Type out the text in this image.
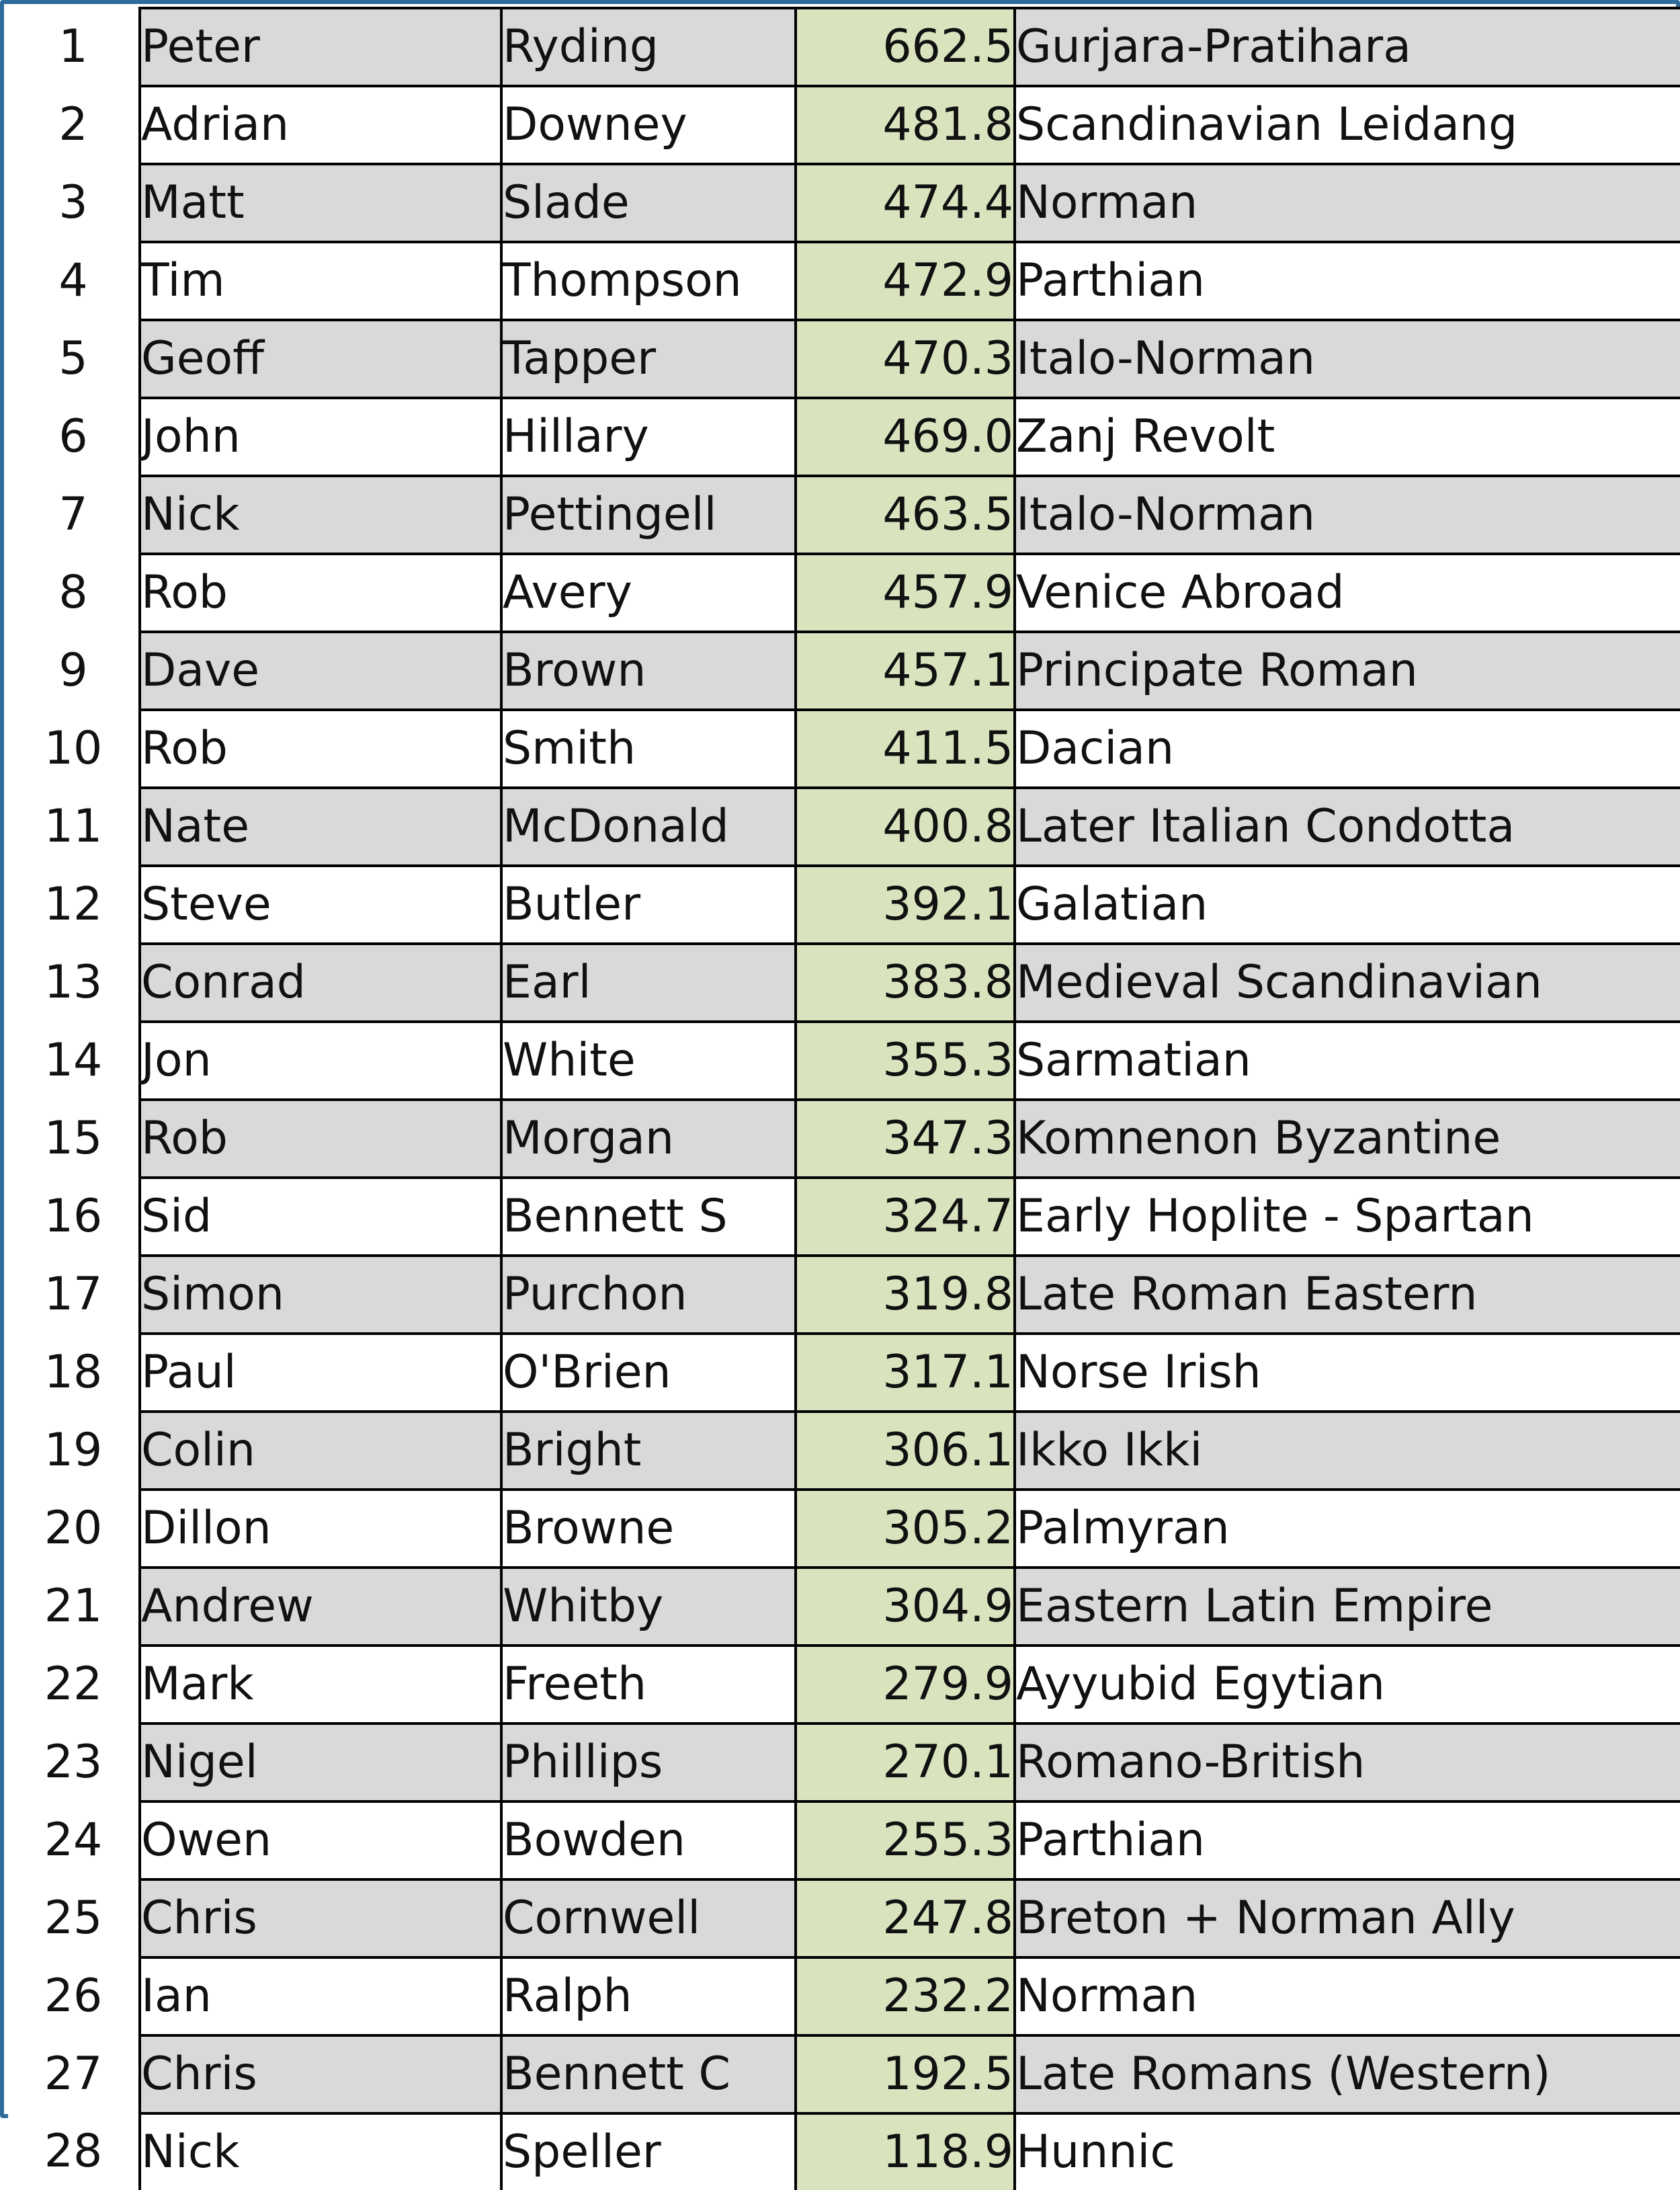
1	Peter	Ryding	662.5	Gurjara-Pratihara
2	Adrian	Downey	481.8	Scandinavian Leidang
3	Matt	Slade	474.4	Norman
4	Tim	Thompson	472.9	Parthian
5	Geoff	Tapper	470.3	Italo-Norman
6	John	Hillary	469.0	Zanj Revolt
7	Nick	Pettingell	463.5	Italo-Norman
8	Rob	Avery	457.9	Venice Abroad
9	Dave	Brown	457.1	Principate Roman
10	Rob	Smith	411.5	Dacian
11	Nate	McDonald	400.8	Later Italian Condotta
12	Steve	Butler	392.1	Galatian
13	Conrad	Earl	383.8	Medieval Scandinavian
14	Jon	White	355.3	Sarmatian
15	Rob	Morgan	347.3	Komnenon Byzantine
16	Sid	Bennett S	324.7	Early Hoplite - Spartan
17	Simon	Purchon	319.8	Late Roman Eastern
18	Paul	O'Brien	317.1	Norse Irish
19	Colin	Bright	306.1	Ikko Ikki
20	Dillon	Browne	305.2	Palmyran
21	Andrew	Whitby	304.9	Eastern Latin Empire
22	Mark	Freeth	279.9	Ayyubid Egytian
23	Nigel	Phillips	270.1	Romano-British
24	Owen	Bowden	255.3	Parthian
25	Chris	Cornwell	247.8	Breton + Norman Ally
26	Ian	Ralph	232.2	Norman
27	Chris	Bennett C	192.5	Late Romans (Western)
28	Nick	Speller	118.9	Hunnic
